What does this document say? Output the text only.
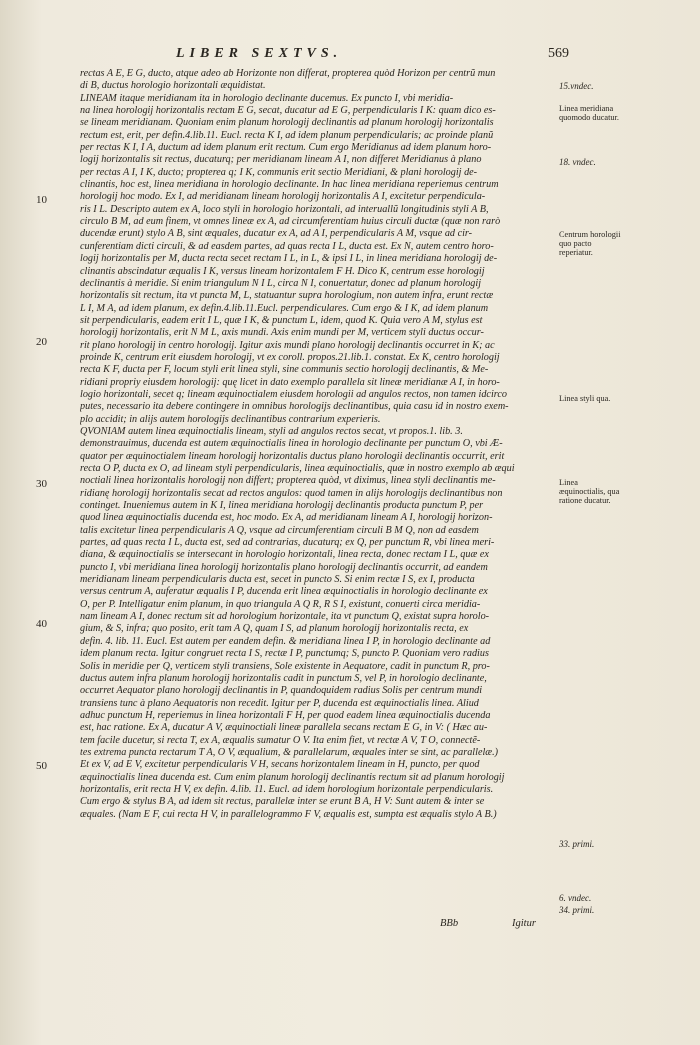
LIBER SEXTVS.	569
10
20
30
40
50
15.vndec.
Linea meridiana quomodo ducatur.
18. vndec.
Centrum horologii quo pacto reperiatur.
Linea styli qua.
Linea æquinoctialis, qua ratione ducatur.
33. primi.
6. vndec.
34. primi.
rectas A E, E G, ducto, atque adeo ab Horizonte non differat, propterea quòd Horizon per centrũ mun
di B, ductus horologio horizontali æquidistat.
LINEAM itaque meridianam ita in horologio declinante ducemus. Ex puncto I, vbi meridia-
na linea horologij horizontalis rectam E G, secat, ducatur ad E G, perpendicularis I K: quam dico es-
se lineam meridianam. Quoniam enim planum horologij declinantis ad planum horologij horizontalis
rectum est, erit, per defin.4.lib.11. Eucl. recta K I, ad idem planum perpendicularis; ac proinde planũ
per rectas K I, I A, ductum ad idem planum erit rectum. Cum ergo Meridianus ad idem planum horo-
logij horizontalis sit rectus, ducaturq; per meridianam lineam A I, non differet Meridianus à plano
per rectas A I, I K, ducto; propterea q; I K, communis erit sectio Meridiani, & plani horologij de-
clinantis, hoc est, linea meridiana in horologio declinante. In hac linea meridiana reperiemus centrum
horologij hoc modo. Ex I, ad meridianam lineam horologij horizontalis A I, excitetur perpendicula-
ris I L. Descripto autem ex A, loco styli in horologio horizontali, ad interuallũ longitudinis styli A B,
circulo B M, ad eum finem, vt omnes lineæ ex A, ad circumferentiam huius circuli ductæ (quæ non rarò
ducendæ erunt) stylo A B, sint æquales, ducatur ex A, ad A I, perpendicularis A M, vsque ad cir-
cunferentiam dicti circuli, & ad easdem partes, ad quas recta I L, ducta est. Ex N, autem centro horo-
logij horizontalis per M, ducta recta secet rectam I L, in L, & ipsi I L, in linea meridiana horologij de-
clinantis abscindatur æqualis I K, versus lineam horizontalem F H. Dico K, centrum esse horologij
declinantis à meridie. Si enim triangulum N I L, circa N I, conuertatur, donec ad planum horologij
horizontalis sit rectum, ita vt puncta M, L, statuantur supra horologium, non autem infra, erunt rectæ
L I, M A, ad idem planum, ex defin.4.lib.11.Eucl. perpendiculares. Cum ergo & I K, ad idem planum
sit perpendicularis, eadem erit I L, quæ I K, & punctum L, idem, quod K. Quia vero A M, stylus est
horologij horizontalis, erit N M L, axis mundi. Axis enim mundi per M, verticem styli ductus occur-
rit plano horologij in centro horologij. Igitur axis mundi plano horologij declinantis occurret in K; ac
proinde K, centrum erit eiusdem horologij, vt ex coroll. propos.21.lib.1. constat. Ex K, centro horologij
recta K F, ducta per F, locum styli erit linea styli, sine communis sectio horologij declinantis, & Me-
ridiani propriy eiusdem horologij: quę licet in dato exemplo parallela sit lineæ meridianæ A I, in horo-
logio horizontali, secet q; lineam æquinoctialem eiusdem horologii ad angulos rectos, non tamen idcirco
putes, necessario ita debere contingere in omnibus horologijs declinantibus, quia casu id in nostro exem-
plo accidit; in alijs autem horologijs declinantibus contrarium experieris.
QVONIAM autem linea æquinoctialis lineam, styli ad angulos rectos secat, vt propos.1. lib. 3.
demonstrauimus, ducenda est autem æquinoctialis linea in horologio declinante per punctum O, vbi Æ-
quator per æquinoctialem lineam horologij horizontalis ductus plano horologii declinantis occurrit, erit
recta O P, ducta ex O, ad lineam styli perpendicularis, linea æquinoctialis, quæ in nostro exemplo ab æqui
noctiali linea horizontalis horologij non differt; propterea quòd, vt diximus, linea styli declinantis me-
ridianę horologij horizontalis secat ad rectos angulos: quod tamen in alijs horologijs declinantibus non
continget. Inueniemus autem in K I, linea meridiana horologij declinantis producta punctum P, per
quod linea æquinoctialis ducenda est, hoc modo. Ex A, ad meridianam lineam A I, horologij horizon-
talis excitetur linea perpendicularis A Q, vsque ad circumferentiam circuli B M Q, non ad easdem
partes, ad quas recta I L, ducta est, sed ad contrarias, ducaturq; ex Q, per punctum R, vbi linea meri-
diana, & æquinoctialis se intersecant in horologio horizontali, linea recta, donec rectam I L, quæ ex
puncto I, vbi meridiana linea horologij horizontalis plano horologij declinantis occurrit, ad eandem
meridianam lineam perpendicularis ducta est, secet in puncto S. Si enim rectæ I S, ex I, producta
versus centrum A, auferatur æqualis I P, ducenda erit linea æquinoctialis in horologio declinante ex
O, per P. Intelligatur enim planum, in quo triangula A Q R, R S I, existunt, conuerti circa meridia-
nam lineam A I, donec rectum sit ad horologium horizontale, ita vt punctum Q, existat supra horolo-
gium, & S, infra; quo posito, erit tam A Q, quam I S, ad planum horologij horizontalis recta, ex
defin. 4. lib. 11. Eucl. Est autem per eandem defin. & meridiana linea I P, in horologio declinante ad
idem planum recta. Igitur congruet recta I S, rectæ I P, punctumq; S, puncto P. Quoniam vero radius
Solis in meridie per Q, verticem styli transiens, Sole existente in Aequatore, cadit in punctum R, pro-
ductus autem infra planum horologij horizontalis cadit in punctum S, vel P, in horologio declinante,
occurret Aequator plano horologij declinantis in P, quandoquidem radius Solis per centrum mundi
transiens tunc à plano Aequatoris non recedit. Igitur per P, ducenda est æquinoctialis linea. Aliud
adhuc punctum H, reperiemus in linea horizontali F H, per quod eadem linea æquinoctialis ducenda
est, hac ratione. Ex A, ducatur A V, æquinoctiali lineæ parallela secans rectam E G, in V: ( Hæc au-
tem facile ducetur, si recta T, ex A, æqualis sumatur O V. Ita enim fiet, vt rectæ A V, T O, connectẽ-
tes extrema puncta rectarum T A, O V, æqualium, & parallelarum, æquales inter se sint, ac parallelæ.)
Et ex V, ad E V, excitetur perpendicularis V H, secans horizontalem lineam in H, puncto, per quod
æquinoctialis linea ducenda est. Cum enim planum horologij declinantis rectum sit ad planum horologij
horizontalis, erit recta H V, ex defin. 4.lib. 11. Eucl. ad idem horologium horizontale perpendicularis.
Cum ergo & stylus B A, ad idem sit rectus, parallelæ inter se erunt B A, H V: Sunt autem & inter se
æquales. (Nam E F, cui recta H V, in parallelogrammo F V, æqualis est, sumpta est æqualis stylo A B.)
BBb	Igitur
